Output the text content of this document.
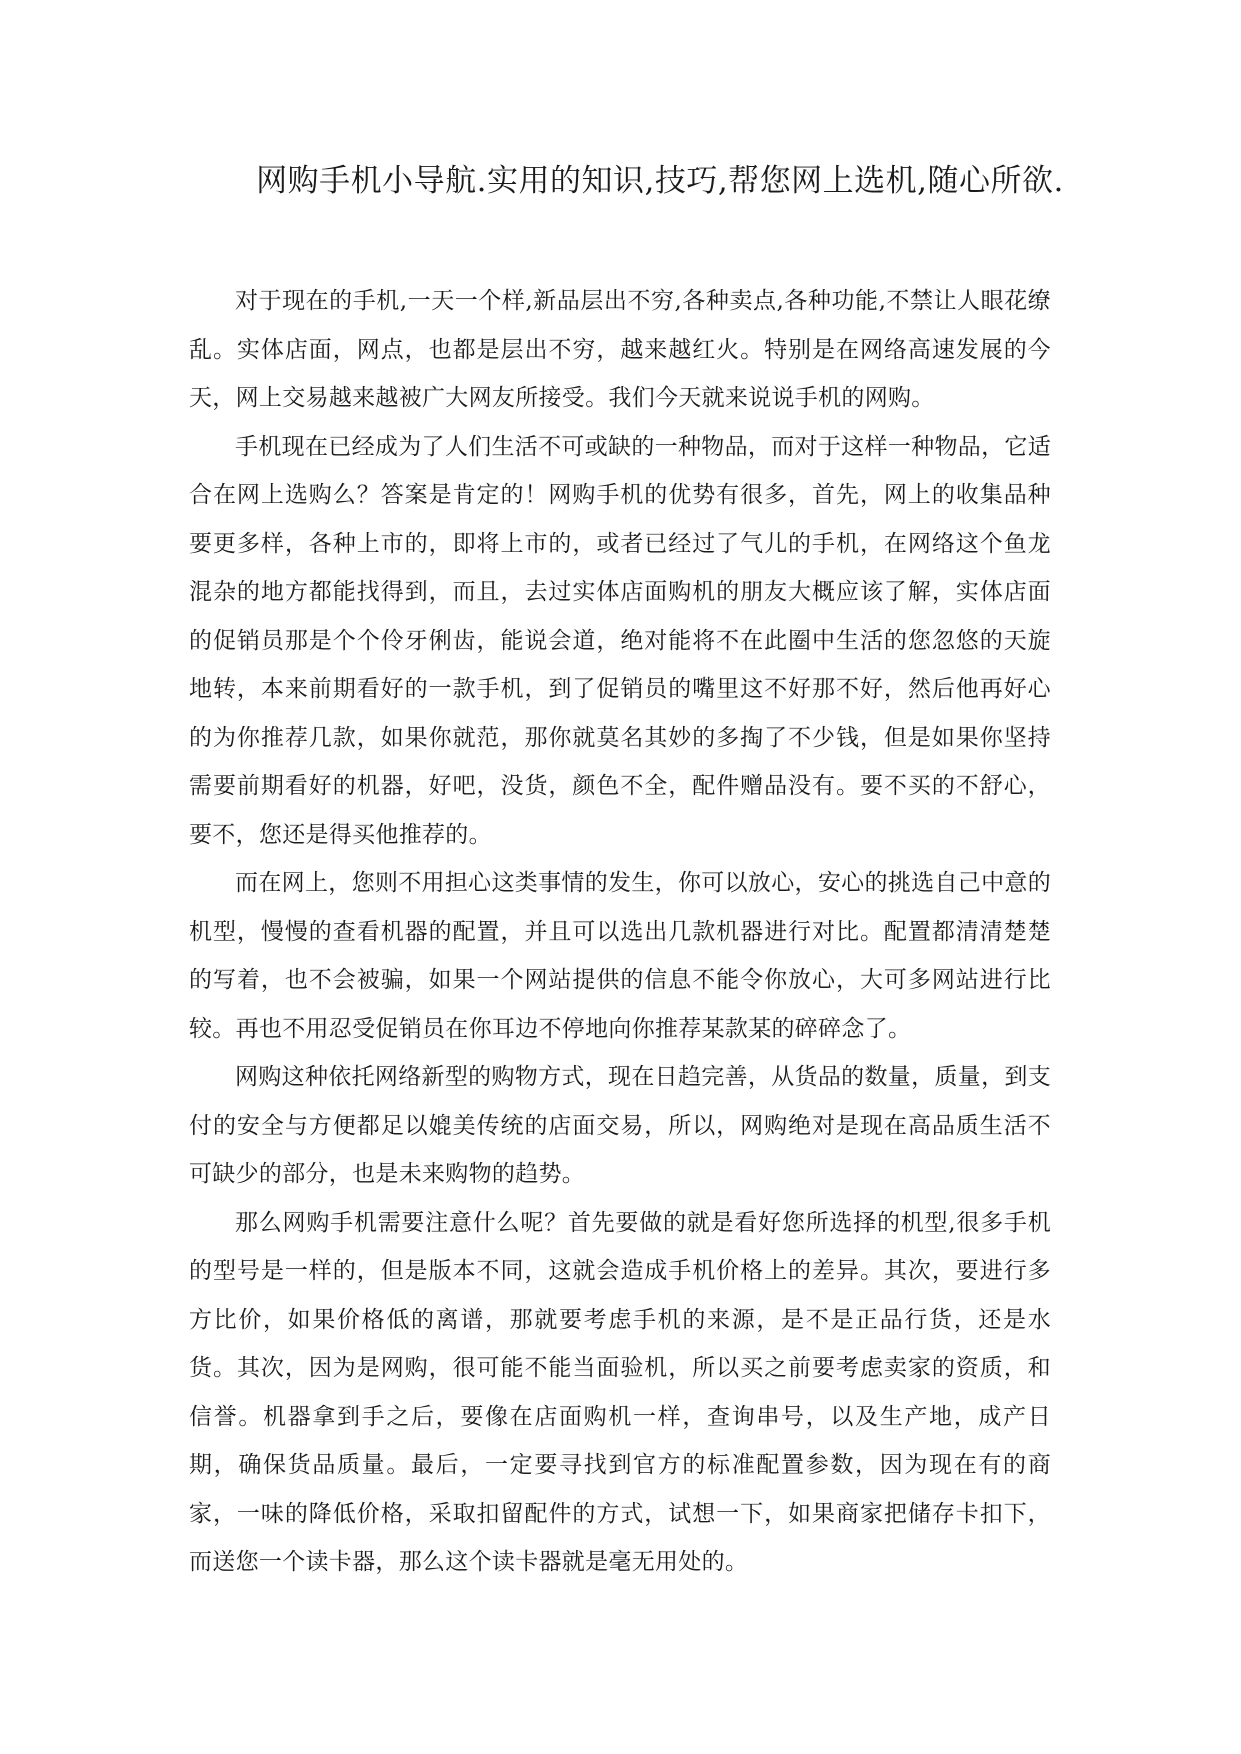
网购手机小导航.实用的知识,技巧,帮您网上选机,随心所欲.

对于现在的手机,一天一个样,新品层出不穷,各种卖点,各种功能,不禁让人眼花缭乱。实体店面，网点，也都是层出不穷，越来越红火。特别是在网络高速发展的今天，网上交易越来越被广大网友所接受。我们今天就来说说手机的网购。

手机现在已经成为了人们生活不可或缺的一种物品，而对于这样一种物品，它适合在网上选购么？答案是肯定的！网购手机的优势有很多，首先，网上的收集品种要更多样，各种上市的，即将上市的，或者已经过了气儿的手机，在网络这个鱼龙混杂的地方都能找得到，而且，去过实体店面购机的朋友大概应该了解，实体店面的促销员那是个个伶牙俐齿，能说会道，绝对能将不在此圈中生活的您忽悠的天旋地转，本来前期看好的一款手机，到了促销员的嘴里这不好那不好，然后他再好心的为你推荐几款，如果你就范，那你就莫名其妙的多掏了不少钱，但是如果你坚持需要前期看好的机器，好吧，没货，颜色不全，配件赠品没有。要不买的不舒心，要不，您还是得买他推荐的。

而在网上，您则不用担心这类事情的发生，你可以放心，安心的挑选自己中意的机型，慢慢的查看机器的配置，并且可以选出几款机器进行对比。配置都清清楚楚的写着，也不会被骗，如果一个网站提供的信息不能令你放心，大可多网站进行比较。再也不用忍受促销员在你耳边不停地向你推荐某款某的碎碎念了。

网购这种依托网络新型的购物方式，现在日趋完善，从货品的数量，质量，到支付的安全与方便都足以媲美传统的店面交易，所以，网购绝对是现在高品质生活不可缺少的部分，也是未来购物的趋势。

那么网购手机需要注意什么呢？首先要做的就是看好您所选择的机型,很多手机的型号是一样的，但是版本不同，这就会造成手机价格上的差异。其次，要进行多方比价，如果价格低的离谱，那就要考虑手机的来源，是不是正品行货，还是水货。其次，因为是网购，很可能不能当面验机，所以买之前要考虑卖家的资质，和信誉。机器拿到手之后，要像在店面购机一样，查询串号，以及生产地，成产日期，确保货品质量。最后，一定要寻找到官方的标准配置参数，因为现在有的商家，一味的降低价格，采取扣留配件的方式，试想一下，如果商家把储存卡扣下，而送您一个读卡器，那么这个读卡器就是毫无用处的。
